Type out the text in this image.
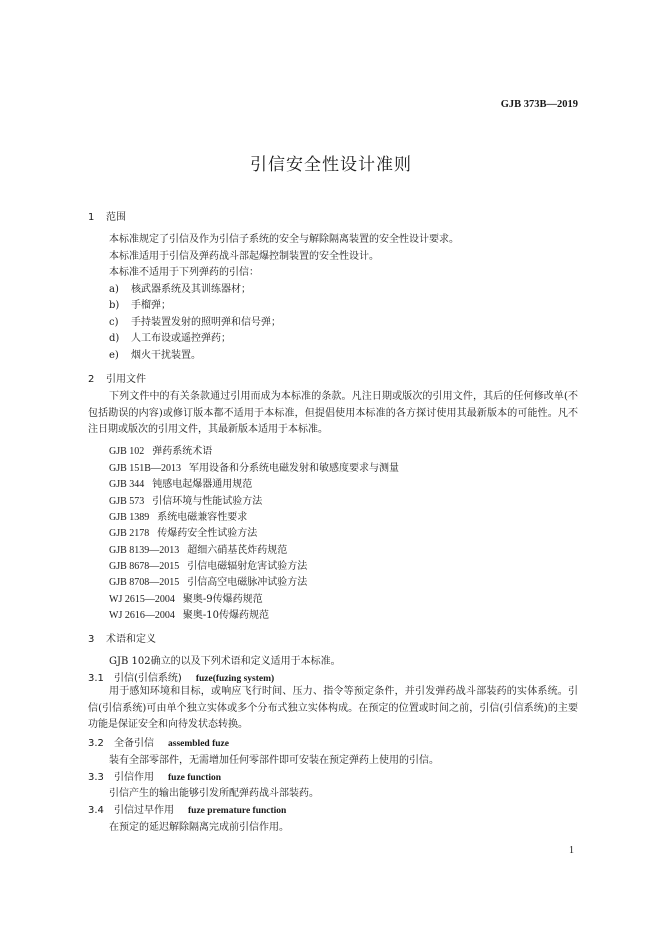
GJB 373B—2019
引信安全性设计准则
1 范围
本标准规定了引信及作为引信子系统的安全与解除隔离装置的安全性设计要求。
本标准适用于引信及弹药战斗部起爆控制装置的安全性设计。
本标准不适用于下列弹药的引信：
a) 核武器系统及其训练器材；
b) 手榴弹；
c) 手持装置发射的照明弹和信号弹；
d) 人工布设或遥控弹药；
e) 烟火干扰装置。
2 引用文件
下列文件中的有关条款通过引用而成为本标准的条款。凡注日期或版次的引用文件，其后的任何修改单(不包括勘误的内容)或修订版本都不适用于本标准，但提倡使用本标准的各方探讨使用其最新版本的可能性。凡不注日期或版次的引用文件，其最新版本适用于本标准。
GJB 102 弹药系统术语
GJB 151B—2013 军用设备和分系统电磁发射和敏感度要求与测量
GJB 344 钝感电起爆器通用规范
GJB 573 引信环境与性能试验方法
GJB 1389 系统电磁兼容性要求
GJB 2178 传爆药安全性试验方法
GJB 8139—2013 超细六硝基芪炸药规范
GJB 8678—2015 引信电磁辐射危害试验方法
GJB 8708—2015 引信高空电磁脉冲试验方法
WJ 2615—2004 聚奥-9传爆药规范
WJ 2616—2004 聚奥-10传爆药规范
3 术语和定义
GJB 102确立的以及下列术语和定义适用于本标准。
3.1 引信(引信系统) fuze(fuzing system)
用于感知环境和目标，或响应飞行时间、压力、指令等预定条件，并引发弹药战斗部装药的实体系统。引信(引信系统)可由单个独立实体或多个分布式独立实体构成。在预定的位置或时间之前，引信(引信系统)的主要功能是保证安全和向待发状态转换。
3.2 全备引信 assembled fuze
装有全部零部件，无需增加任何零部件即可安装在预定弹药上使用的引信。
3.3 引信作用 fuze function
引信产生的输出能够引发所配弹药战斗部装药。
3.4 引信过早作用 fuze premature function
在预定的延迟解除隔离完成前引信作用。
1
